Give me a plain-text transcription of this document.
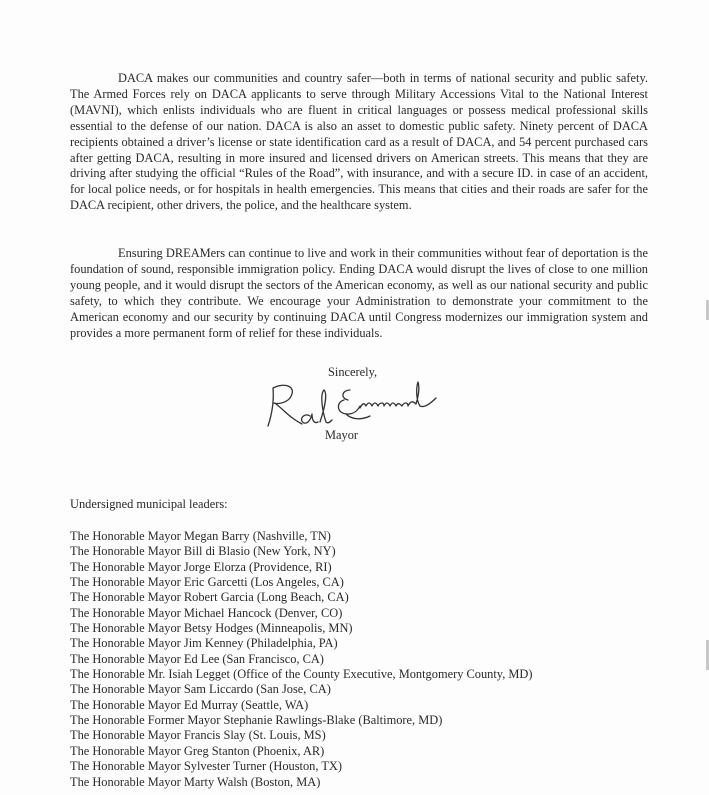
DACA makes our communities and country safer—both in terms of national security and public safety. The Armed Forces rely on DACA applicants to serve through Military Accessions Vital to the National Interest (MAVNI), which enlists individuals who are fluent in critical languages or possess medical professional skills essential to the defense of our nation. DACA is also an asset to domestic public safety. Ninety percent of DACA recipients obtained a driver’s license or state identification card as a result of DACA, and 54 percent purchased cars after getting DACA, resulting in more insured and licensed drivers on American streets. This means that they are driving after studying the official “Rules of the Road”, with insurance, and with a secure ID. in case of an accident, for local police needs, or for hospitals in health emergencies. This means that cities and their roads are safer for the DACA recipient, other drivers, the police, and the healthcare system.

Ensuring DREAMers can continue to live and work in their communities without fear of deportation is the foundation of sound, responsible immigration policy. Ending DACA would disrupt the lives of close to one million young people, and it would disrupt the sectors of the American economy, as well as our national security and public safety, to which they contribute. We encourage your Administration to demonstrate your commitment to the American economy and our security by continuing DACA until Congress modernizes our immigration system and provides a more permanent form of relief for these individuals.

Sincerely,
Mayor
Undersigned municipal leaders:
The Honorable Mayor Megan Barry (Nashville, TN)
The Honorable Mayor Bill di Blasio (New York, NY)
The Honorable Mayor Jorge Elorza (Providence, RI)
The Honorable Mayor Eric Garcetti (Los Angeles, CA)
The Honorable Mayor Robert Garcia (Long Beach, CA)
The Honorable Mayor Michael Hancock (Denver, CO)
The Honorable Mayor Betsy Hodges (Minneapolis, MN)
The Honorable Mayor Jim Kenney (Philadelphia, PA)
The Honorable Mayor Ed Lee (San Francisco, CA)
The Honorable Mr. Isiah Legget (Office of the County Executive, Montgomery County, MD)
The Honorable Mayor Sam Liccardo (San Jose, CA)
The Honorable Mayor Ed Murray (Seattle, WA)
The Honorable Former Mayor Stephanie Rawlings-Blake (Baltimore, MD)
The Honorable Mayor Francis Slay (St. Louis, MS)
The Honorable Mayor Greg Stanton (Phoenix, AR)
The Honorable Mayor Sylvester Turner (Houston, TX)
The Honorable Mayor Marty Walsh (Boston, MA)
